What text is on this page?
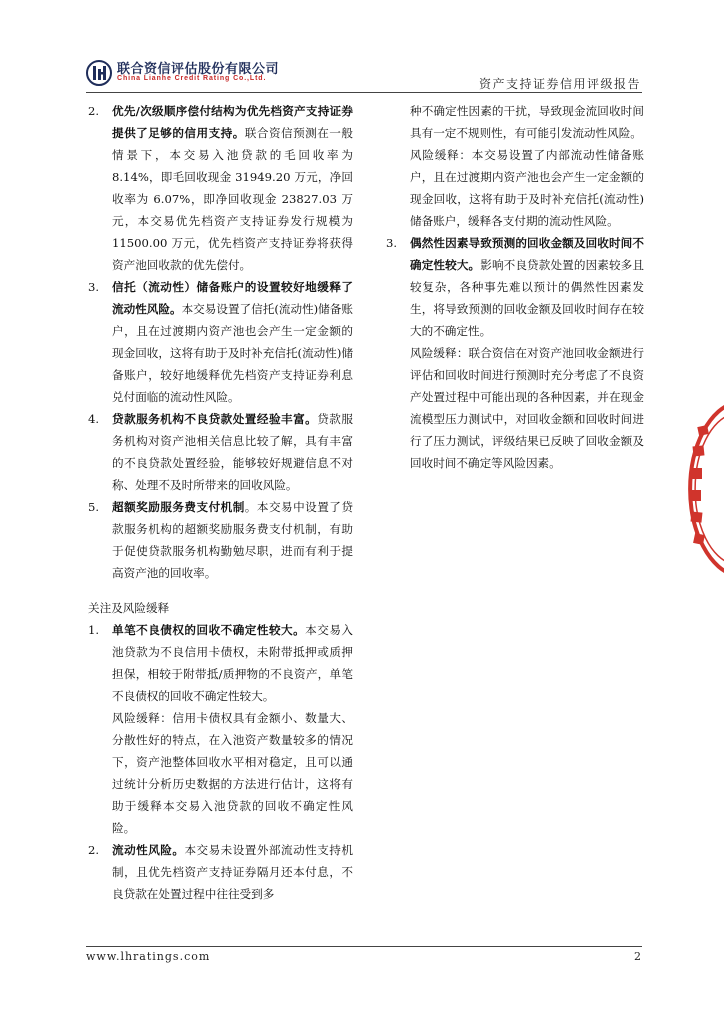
联合资信评估股份有限公司
China Lianhe Credit Rating Co.,Ltd.	资产支持证券信用评级报告

2. 优先/次级顺序偿付结构为优先档资产支持证券提供了足够的信用支持。联合资信预测在一般情景下，本交易入池贷款的毛回收率为 8.14%，即毛回收现金 31949.20 万元，净回收率为 6.07%，即净回收现金 23827.03 万元，本交易优先档资产支持证券发行规模为 11500.00 万元，优先档资产支持证券将获得资产池回收款的优先偿付。

3. 信托（流动性）储备账户的设置较好地缓释了流动性风险。本交易设置了信托(流动性)储备账户，且在过渡期内资产池也会产生一定金额的现金回收，这将有助于及时补充信托(流动性)储备账户，较好地缓释优先档资产支持证券利息兑付面临的流动性风险。

4. 贷款服务机构不良贷款处置经验丰富。贷款服务机构对资产池相关信息比较了解，具有丰富的不良贷款处置经验，能够较好规避信息不对称、处理不及时所带来的回收风险。

5. 超额奖励服务费支付机制。本交易中设置了贷款服务机构的超额奖励服务费支付机制，有助于促使贷款服务机构勤勉尽职，进而有利于提高资产池的回收率。

关注及风险缓释

1. 单笔不良债权的回收不确定性较大。本交易入池贷款为不良信用卡债权，未附带抵押或质押担保，相较于附带抵/质押物的不良资产，单笔不良债权的回收不确定性较大。

风险缓释：信用卡债权具有金额小、数量大、分散性好的特点，在入池资产数量较多的情况下，资产池整体回收水平相对稳定，且可以通过统计分析历史数据的方法进行估计，这将有助于缓释本交易入池贷款的回收不确定性风险。

2. 流动性风险。本交易未设置外部流动性支持机制，且优先档资产支持证券隔月还本付息，不良贷款在处置过程中往往受到多

种不确定性因素的干扰，导致现金流回收时间具有一定不规则性，有可能引发流动性风险。

风险缓释：本交易设置了内部流动性储备账户，且在过渡期内资产池也会产生一定金额的现金回收，这将有助于及时补充信托(流动性)储备账户，缓释各支付期的流动性风险。

3. 偶然性因素导致预测的回收金额及回收时间不确定性较大。影响不良贷款处置的因素较多且较复杂，各种事先难以预计的偶然性因素发生，将导致预测的回收金额及回收时间存在较大的不确定性。

风险缓释：联合资信在对资产池回收金额进行评估和回收时间进行预测时充分考虑了不良资产处置过程中可能出现的各种因素，并在现金流模型压力测试中，对回收金额和回收时间进行了压力测试，评级结果已反映了回收金额及回收时间不确定等风险因素。

www.lhratings.com	2
